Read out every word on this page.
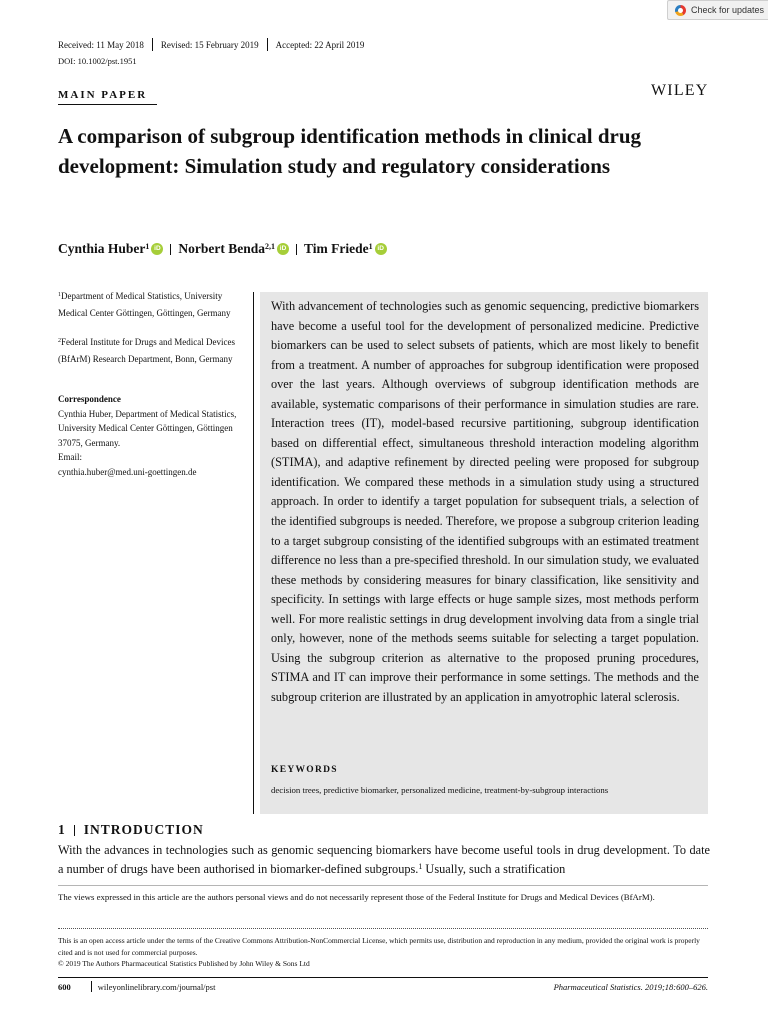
Check for updates
Received: 11 May 2018 Revised: 15 February 2019 Accepted: 22 April 2019
DOI: 10.1002/pst.1951
MAIN PAPER	WILEY
A comparison of subgroup identification methods in clinical drug development: Simulation study and regulatory considerations
Cynthia Huber$^1$ iD Norbert Benda$^{2,1}$ iD Tim Friede$^1$ iD
$^1$Department of Medical Statistics, University Medical Center Göttingen, Göttingen, Germany
$^2$Federal Institute for Drugs and Medical Devices (BfArM) Research Department, Bonn, Germany
Correspondence
Cynthia Huber, Department of Medical Statistics, University Medical Center Göttingen, Göttingen 37075, Germany.
Email:
cynthia.huber@med.uni-goettingen.de
With advancement of technologies such as genomic sequencing, predictive biomarkers have become a useful tool for the development of personalized medicine. Predictive biomarkers can be used to select subsets of patients, which are most likely to benefit from a treatment. A number of approaches for subgroup identification were proposed over the last years. Although overviews of subgroup identification methods are available, systematic comparisons of their performance in simulation studies are rare. Interaction trees (IT), model-based recursive partitioning, subgroup identification based on differential effect, simultaneous threshold interaction modeling algorithm (STIMA), and adaptive refinement by directed peeling were proposed for subgroup identification. We compared these methods in a simulation study using a structured approach. In order to identify a target population for subsequent trials, a selection of the identified subgroups is needed. Therefore, we propose a subgroup criterion leading to a target subgroup consisting of the identified subgroups with an estimated treatment difference no less than a pre-specified threshold. In our simulation study, we evaluated these methods by considering measures for binary classification, like sensitivity and specificity. In settings with large effects or huge sample sizes, most methods perform well. For more realistic settings in drug development involving data from a single trial only, however, none of the methods seems suitable for selecting a target population. Using the subgroup criterion as alternative to the proposed pruning procedures, STIMA and IT can improve their performance in some settings. The methods and the subgroup criterion are illustrated by an application in amyotrophic lateral sclerosis.
KEYWORDS
decision trees, predictive biomarker, personalized medicine, treatment-by-subgroup interactions
1 INTRODUCTION
With the advances in technologies such as genomic sequencing biomarkers have become useful tools in drug development. To date a number of drugs have been authorised in biomarker-defined subgroups.$^1$ Usually, such a stratification
The views expressed in this article are the authors personal views and do not necessarily represent those of the Federal Institute for Drugs and Medical Devices (BfArM).
This is an open access article under the terms of the Creative Commons Attribution-NonCommercial License, which permits use, distribution and reproduction in any medium, provided the original work is properly cited and is not used for commercial purposes.
© 2019 The Authors Pharmaceutical Statistics Published by John Wiley & Sons Ltd
600	wileyonlinelibrary.com/journal/pst	Pharmaceutical Statistics. 2019;18:600–626.
